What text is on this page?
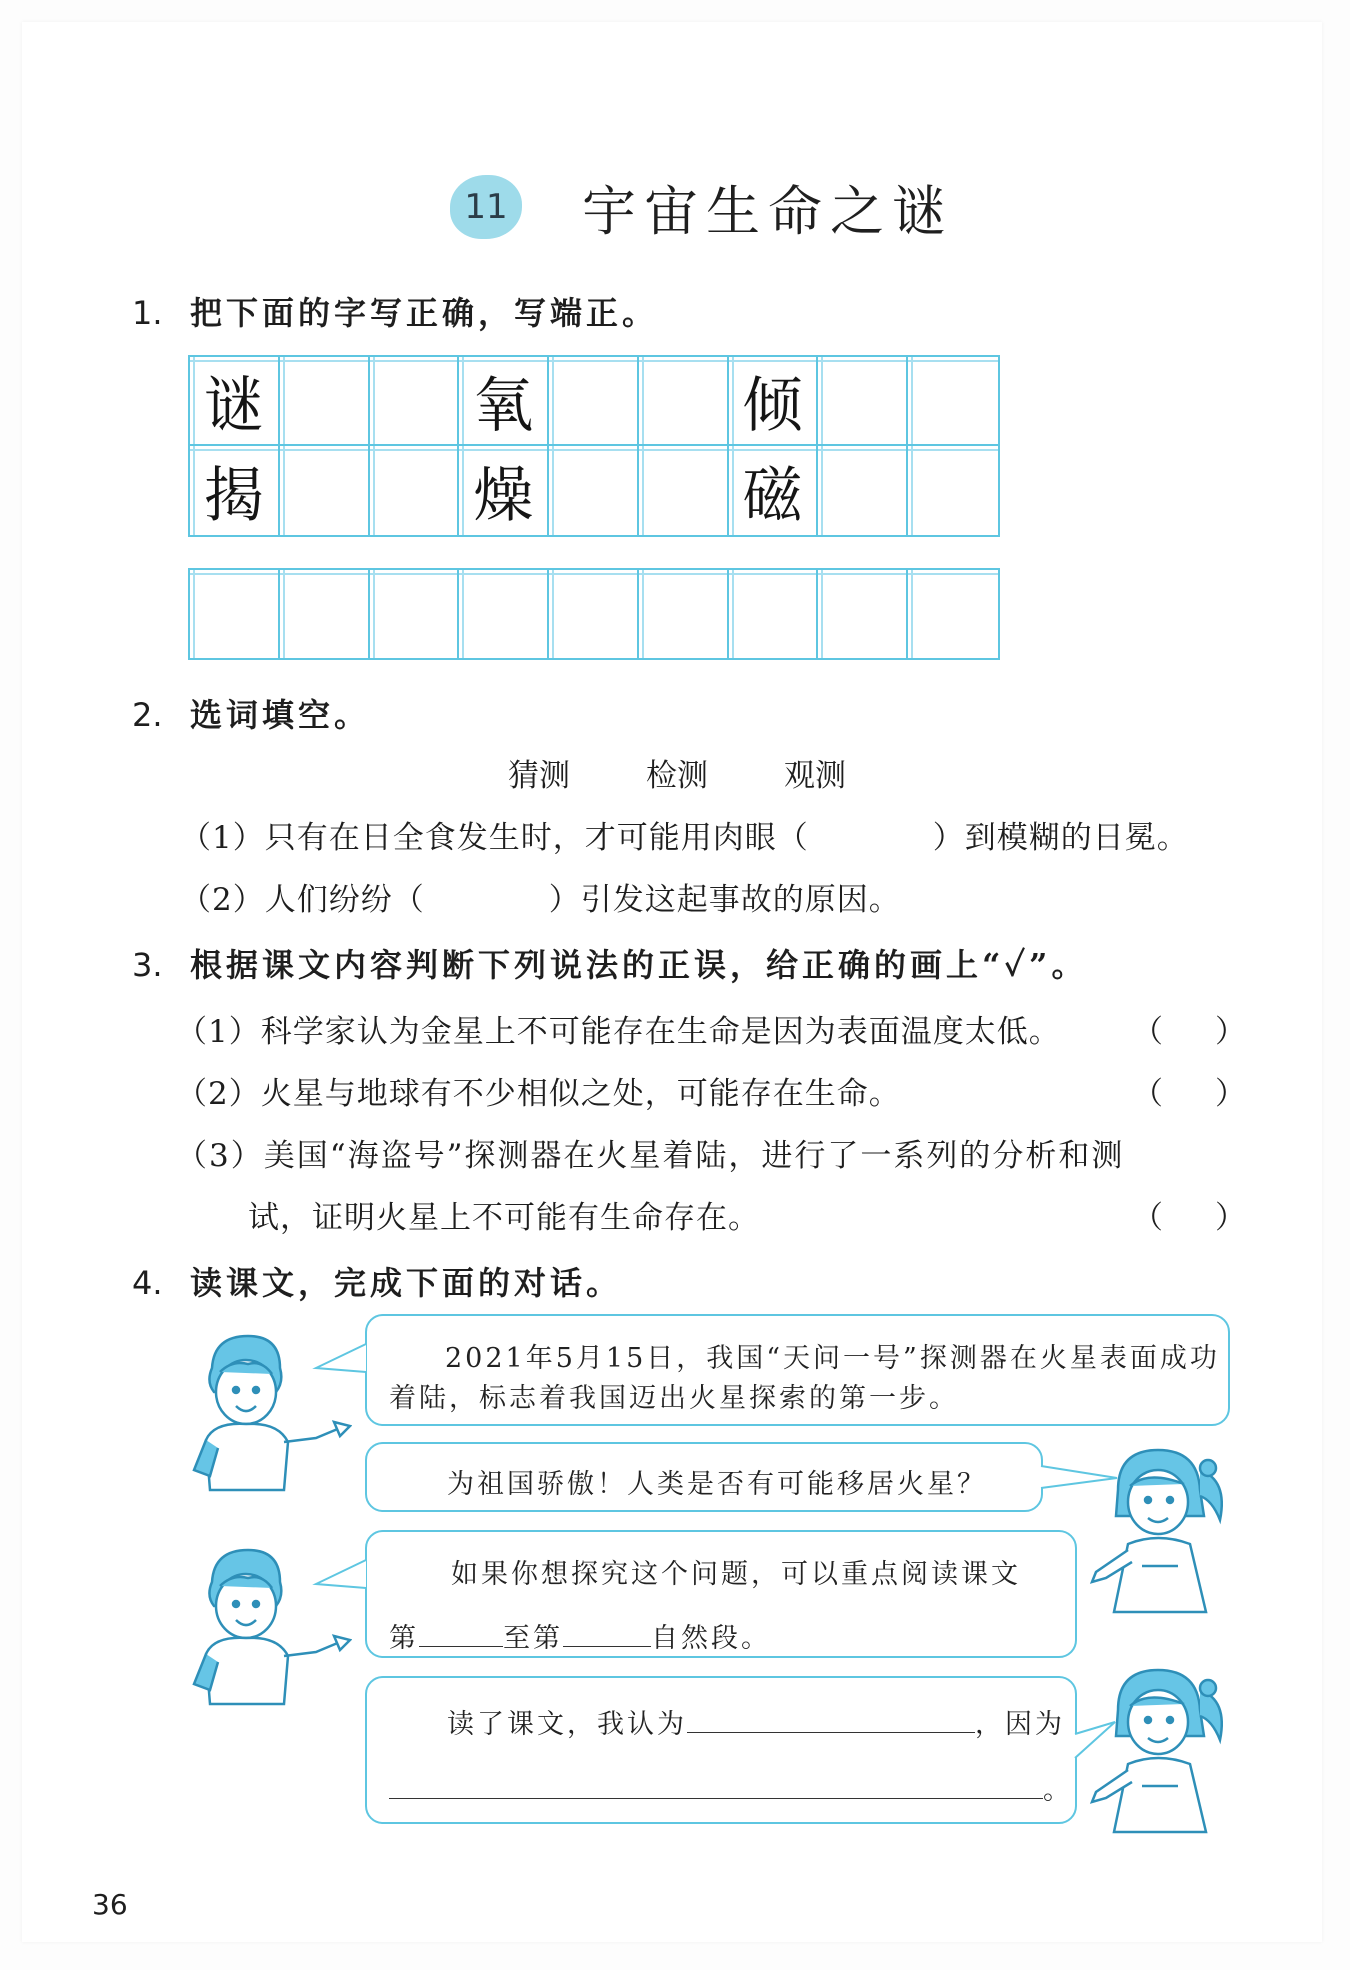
11 宇宙生命之谜
1. 把下面的字写正确，写端正。
谜	氧	倾
揭	燥	磁
2. 选词填空。
猜测 检测 观测
（1）只有在日全食发生时，才可能用肉眼（	）到模糊的日冕。
（2）人们纷纷（	）引发这起事故的原因。
3. 根据课文内容判断下列说法的正误，给正确的画上“✓”。
（1）科学家认为金星上不可能存在生命是因为表面温度太低。 （ ）
（2）火星与地球有不少相似之处，可能存在生命。	（ ）
（3）美国“海盗号”探测器在火星着陆，进行了一系列的分析和测
试，证明火星上不可能有生命存在。	（ ）
4. 读课文，完成下面的对话。
2021年5月15日，我国“天问一号”探测器在火星表面成功
着陆，标志着我国迈出火星探索的第一步。
为祖国骄傲！人类是否有可能移居火星？
如果你想探究这个问题，可以重点阅读课文
第	至第	自然段。
读了课文，我认为	，因为
。
36
